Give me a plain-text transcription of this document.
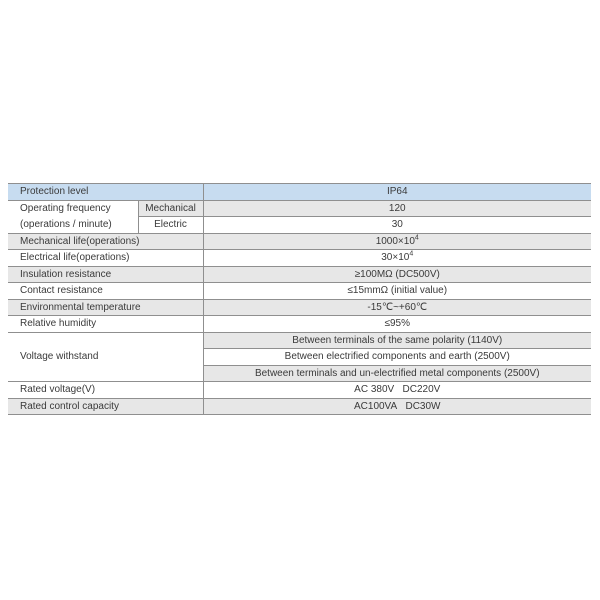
Protection level		IP64

Operating frequency
(operations / minute)	Mechanical	120
	Electric	30
Mechanical life(operations)		$1000\times 10^4$
Electrical life(operations)		$30\times 10^4$
Insulation resistance		≥100MΩ (DC500V)
Contact resistance		≤15mmΩ (initial value)
Environmental temperature		-15℃~+60℃
Relative humidity		≤95%
Voltage withstand		Between terminals of the same polarity (1140V)
		Between electrified components and earth (2500V)
		Between terminals and un-electrified metal components (2500V)
Rated voltage(V)		AC 380V   DC220V
Rated control capacity		AC100VA   DC30W
